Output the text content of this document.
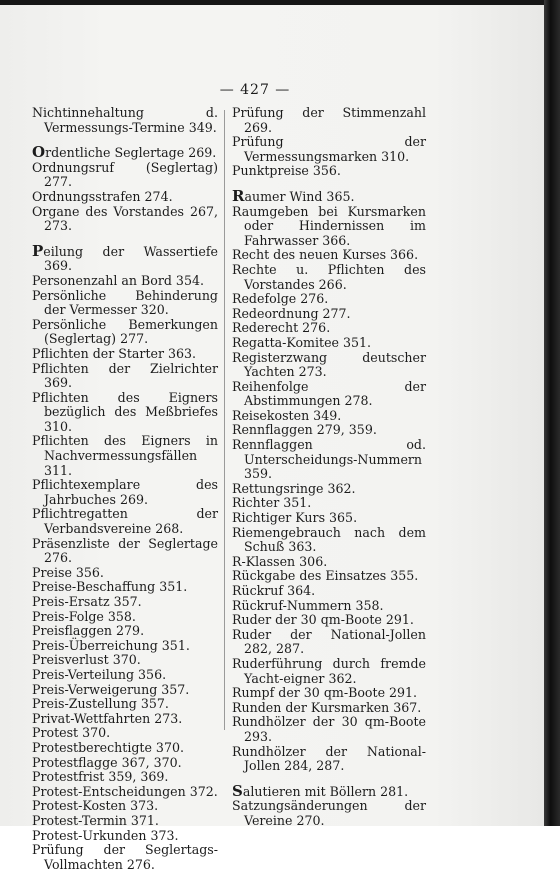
— 427 —
Nichtinnehaltung d. Vermessungs-Termine 349.
Ordentliche Seglertage 269.
Ordnungsruf (Seglertag) 277.
Ordnungsstrafen 274.
Organe des Vorstandes 267, 273.
Peilung der Wassertiefe 369.
Personenzahl an Bord 354.
Persönliche Behinderung der Vermesser 320.
Persönliche Bemerkungen (Seglertag) 277.
Pflichten der Starter 363.
Pflichten der Zielrichter 369.
Pflichten des Eigners bezüglich des Meßbriefes 310.
Pflichten des Eigners in Nachvermessungsfällen 311.
Pflichtexemplare des Jahrbuches 269.
Pflichtregatten der Verbandsvereine 268.
Präsenzliste der Seglertage 276.
Preise 356.
Preise-Beschaffung 351.
Preis-Ersatz 357.
Preis-Folge 358.
Preisflaggen 279.
Preis-Überreichung 351.
Preisverlust 370.
Preis-Verteilung 356.
Preis-Verweigerung 357.
Preis-Zustellung 357.
Privat-Wettfahrten 273.
Protest 370.
Protestberechtigte 370.
Protestflagge 367, 370.
Protestfrist 359, 369.
Protest-Entscheidungen 372.
Protest-Kosten 373.
Protest-Termin 371.
Protest-Urkunden 373.
Prüfung der Seglertags-Vollmachten 276.
Prüfung der Stimmenzahl 269.
Prüfung der Vermessungsmarken 310.
Punktpreise 356.
Raumer Wind 365.
Raumgeben bei Kursmarken oder Hindernissen im Fahrwasser 366.
Recht des neuen Kurses 366.
Rechte u. Pflichten des Vorstandes 266.
Redefolge 276.
Redeordnung 277.
Rederecht 276.
Regatta-Komitee 351.
Registerzwang deutscher Yachten 273.
Reihenfolge der Abstimmungen 278.
Reisekosten 349.
Rennflaggen 279, 359.
Rennflaggen od. Unterscheidungs-Nummern 359.
Rettungsringe 362.
Richter 351.
Richtiger Kurs 365.
Riemengebrauch nach dem Schuß 363.
R-Klassen 306.
Rückgabe des Einsatzes 355.
Rückruf 364.
Rückruf-Nummern 358.
Ruder der 30 qm-Boote 291.
Ruder der National-Jollen 282, 287.
Ruderführung durch fremde Yacht-eigner 362.
Rumpf der 30 qm-Boote 291.
Runden der Kursmarken 367.
Rundhölzer der 30 qm-Boote 293.
Rundhölzer der National-Jollen 284, 287.
Salutieren mit Böllern 281.
Satzungsänderungen der Vereine 270.
